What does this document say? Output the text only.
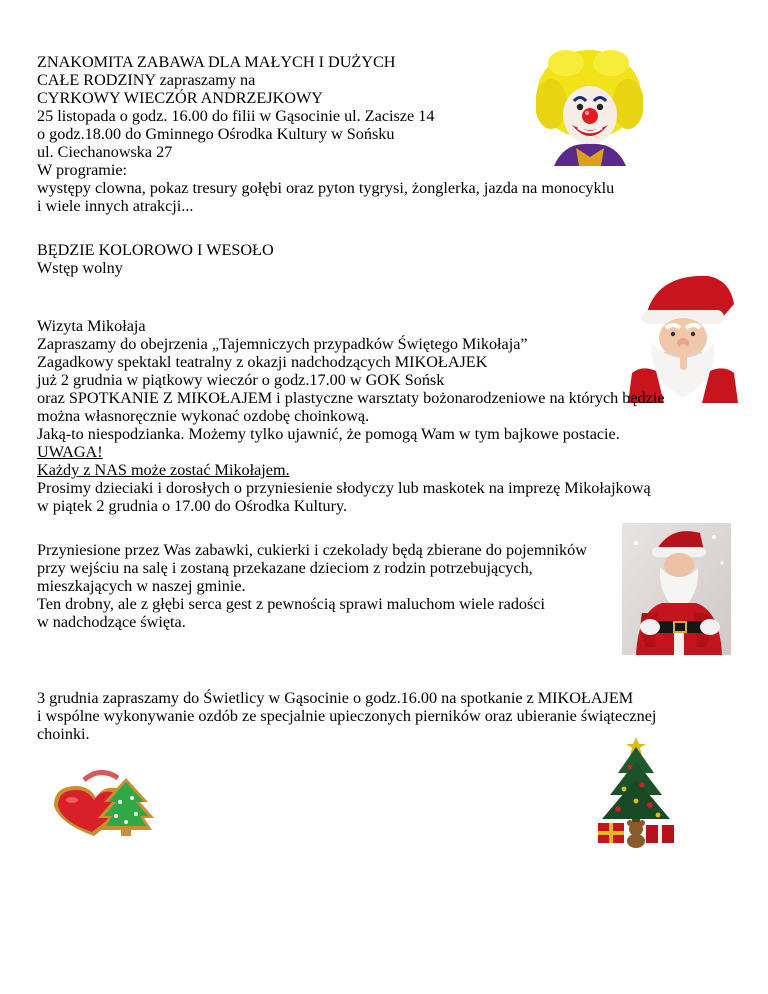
ZNAKOMITA ZABAWA DLA MAŁYCH I DUŻYCH
CAŁE RODZINY zapraszamy na
CYRKOWY WIECZÓR ANDRZEJKOWY
25 listopada o godz. 16.00 do filii w Gąsocinie ul. Zacisze 14
o godz.18.00 do Gminnego Ośrodka Kultury w Sońsku
ul. Ciechanowska 27
W programie:
występy clowna, pokaz tresury gołębi oraz pyton tygrysi, żonglerka, jazda na monocyklu
i wiele innych atrakcji...
BĘDZIE KOLOROWO I WESOŁO
Wstęp wolny
Wizyta Mikołaja
Zapraszamy do obejrzenia „Tajemniczych przypadków Świętego Mikołaja”
Zagadkowy spektakl teatralny z okazji nadchodzących MIKOŁAJEK
już 2 grudnia w piątkowy wieczór o godz.17.00 w GOK Sońsk
oraz SPOTKANIE Z MIKOŁAJEM i plastyczne warsztaty bożonarodzeniowe na których będzie
można własnoręcznie wykonać ozdobę choinkową.
Jaką-to niespodzianka. Możemy tylko ujawnić, że pomogą Wam w tym bajkowe postacie.
UWAGA!
Każdy z NAS może zostać Mikołajem.
Prosimy dzieciaki i dorosłych o przyniesienie słodyczy lub maskotek na imprezę Mikołajkową
w piątek 2 grudnia o 17.00 do Ośrodka Kultury.
Przyniesione przez Was zabawki, cukierki i czekolady będą zbierane do pojemników
przy wejściu na salę i zostaną przekazane dzieciom z rodzin potrzebujących,
mieszkających w naszej gminie.
Ten drobny, ale z głębi serca gest z pewnością sprawi maluchom wiele radości
w nadchodzące święta.
3 grudnia zapraszamy do Świetlicy w Gąsocinie o godz.16.00 na spotkanie z MIKOŁAJEM
i wspólne wykonywanie ozdób ze specjalnie upieczonych pierników oraz ubieranie świątecznej
choinki.
